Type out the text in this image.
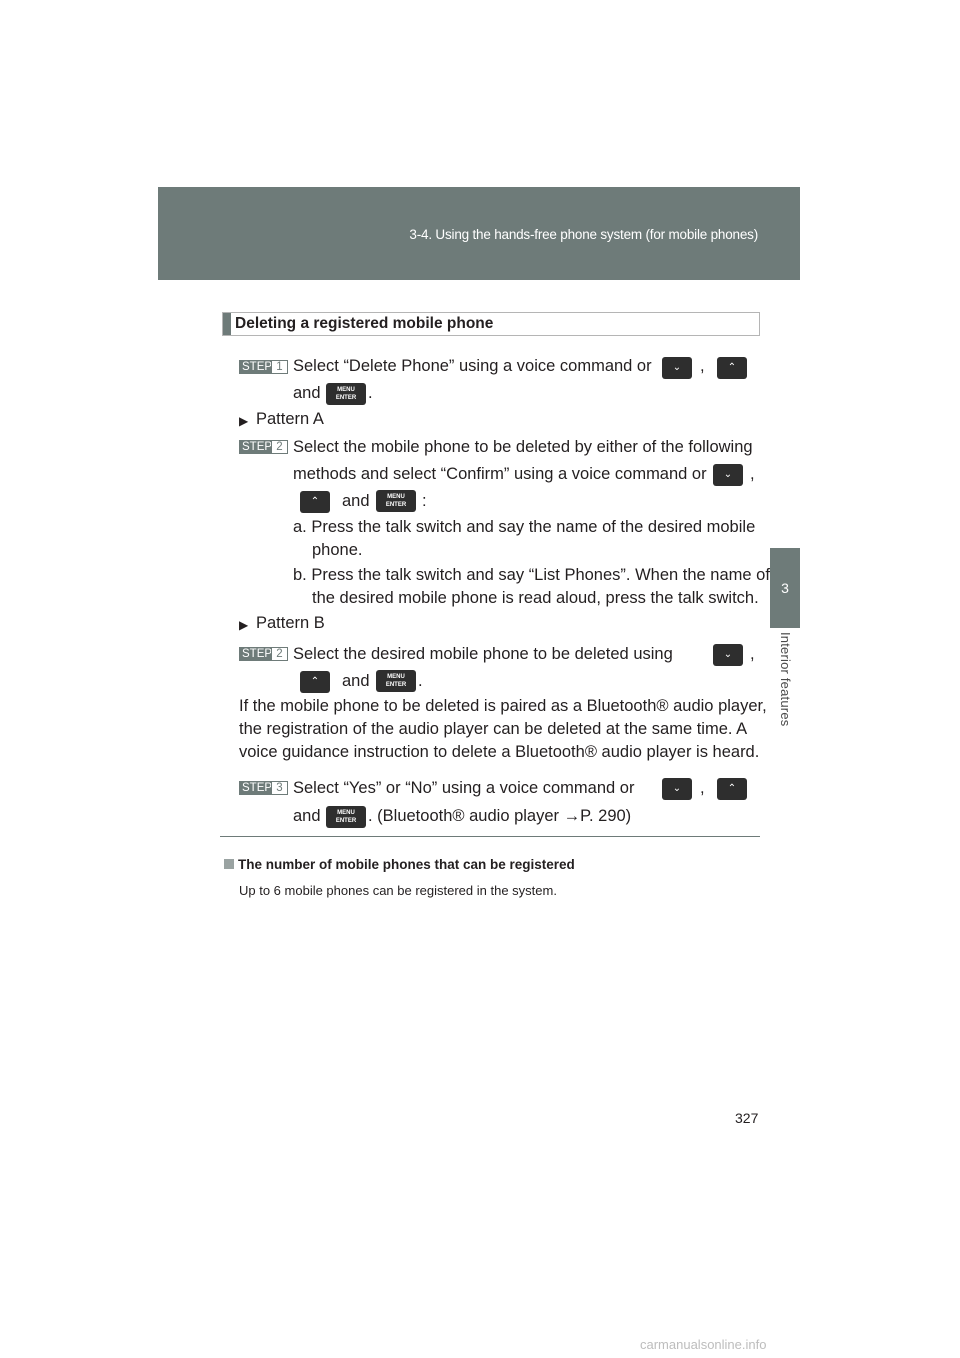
3-4. Using the hands-free phone system (for mobile phones)
3
Interior features
Deleting a registered mobile phone
STEP 1 Select “Delete Phone” using a voice command or	⌄	,	⌃
and	MENU
ENTER .
▶ Pattern A
STEP 2 Select the mobile phone to be deleted by either of the following
methods and select “Confirm” using a voice command or	⌄	,
⌃	and	MENU
ENTER :
a. Press the talk switch and say the name of the desired mobile
phone.
b. Press the talk switch and say “List Phones”. When the name of
the desired mobile phone is read aloud, press the talk switch.
▶ Pattern B
STEP 2 Select the desired mobile phone to be deleted using	⌄	,
⌃	and	MENU
ENTER .
If the mobile phone to be deleted is paired as a Bluetooth® audio player,
the registration of the audio player can be deleted at the same time. A
voice guidance instruction to delete a Bluetooth® audio player is heard.
STEP 3 Select “Yes” or “No” using a voice command or	⌄	,	⌃
and	MENU
ENTER . (Bluetooth® audio player →P. 290)
The number of mobile phones that can be registered
Up to 6 mobile phones can be registered in the system.
327
carmanualsonline.info
